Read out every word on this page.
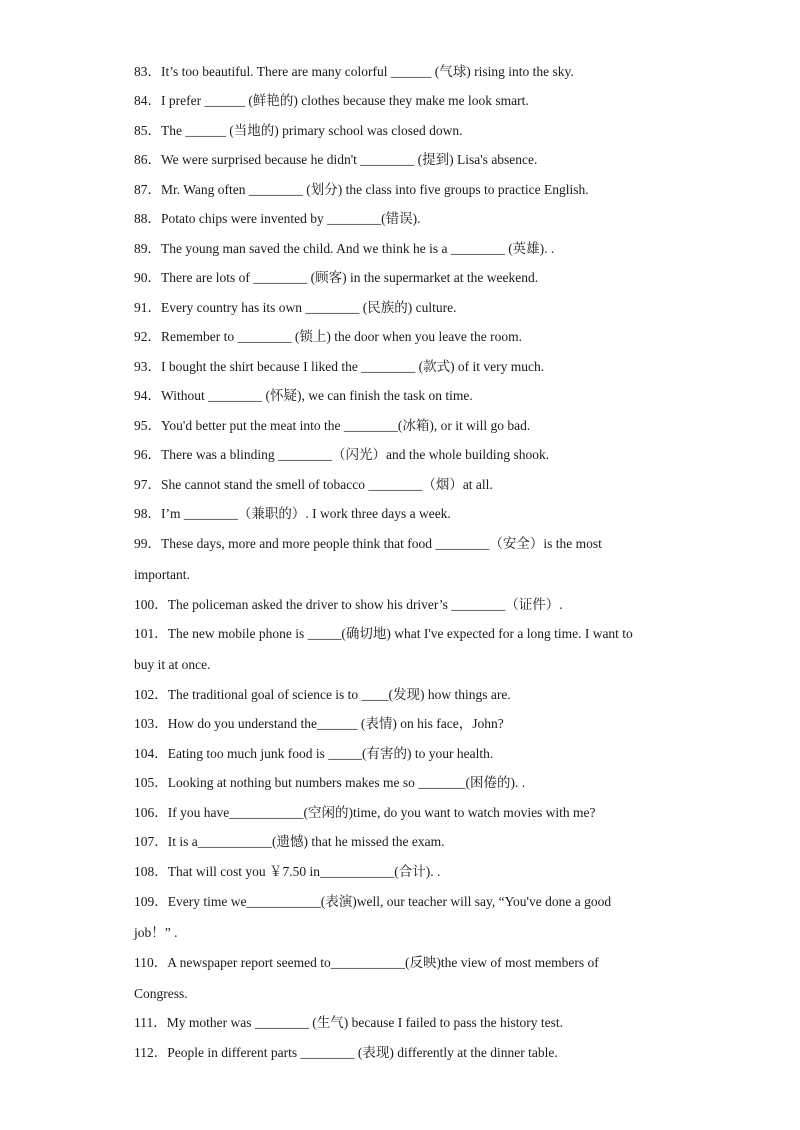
83．It’s too beautiful. There are many colorful ______ (气球) rising into the sky.
84．I prefer ______ (鲜艳的) clothes because they make me look smart.
85．The ______ (当地的) primary school was closed down.
86．We were surprised because he didn't ________ (提到) Lisa's absence.
87．Mr. Wang often ________ (划分) the class into five groups to practice English.
88．Potato chips were invented by ________(错误).
89．The young man saved the child. And we think he is a ________ (英雄). .
90．There are lots of ________ (顾客) in the supermarket at the weekend.
91．Every country has its own ________ (民族的) culture.
92．Remember to ________ (锁上) the door when you leave the room.
93．I bought the shirt because I liked the ________ (款式) of it very much.
94．Without ________ (怀疑), we can finish the task on time.
95．You'd better put the meat into the ________(冰箱), or it will go bad.
96．There was a blinding ________（闪光）and the whole building shook.
97．She cannot stand the smell of tobacco ________（烟）at all.
98．I’m ________（兼职的）. I work three days a week.
99．These days, more and more people think that food ________（安全）is the most
important.
100．The policeman asked the driver to show his driver’s ________（证件）.
101．The new mobile phone is _____(确切地) what I've expected for a long time. I want to
buy it at once.
102．The traditional goal of science is to ____(发现) how things are.
103．How do you understand the______ (表情) on his face，John?
104．Eating too much junk food is _____(有害的) to your health.
105．Looking at nothing but numbers makes me so _______(困倦的). .
106．If you have___________(空闲的)time, do you want to watch movies with me?
107．It is a___________(遗憾) that he missed the exam.
108．That will cost you ￥7.50 in___________(合计). .
109．Every time we___________(表演)well, our teacher will say, “You've done a good
job！” .
110．A newspaper report seemed to___________(反映)the view of most members of
Congress.
111．My mother was ________ (生气) because I failed to pass the history test.
112．People in different parts ________ (表现) differently at the dinner table.
